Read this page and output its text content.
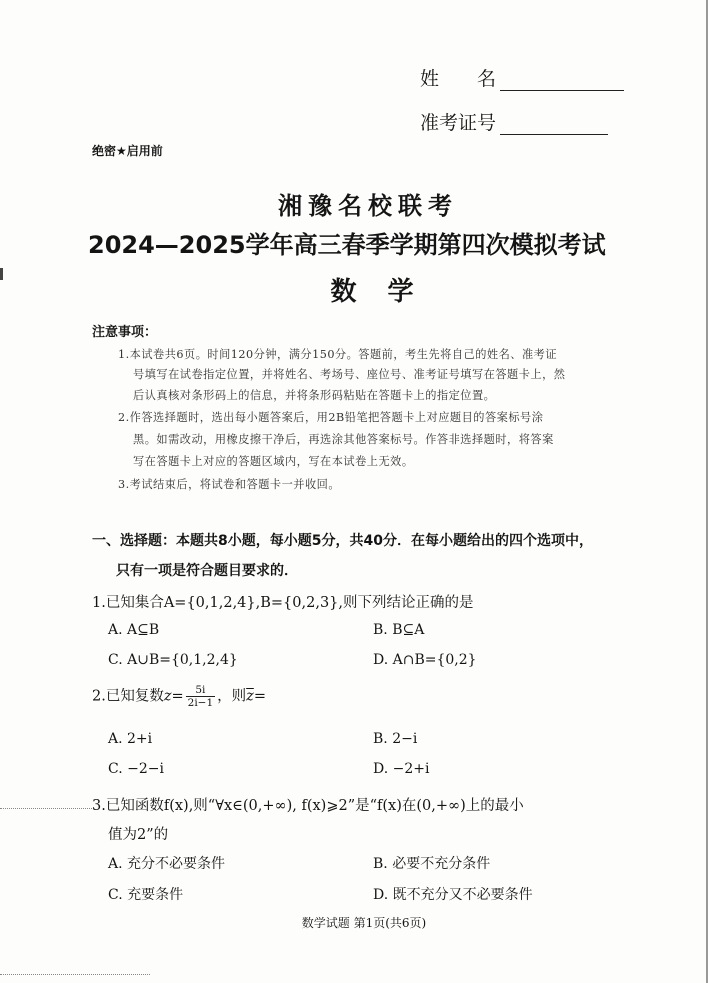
姓　　名
准考证号
绝密★启用前
湘豫名校联考
2024—2025学年高三春季学期第四次模拟考试
数 学
注意事项：
1.本试卷共6页。时间120分钟，满分150分。答题前，考生先将自己的姓名、准考证
号填写在试卷指定位置，并将姓名、考场号、座位号、准考证号填写在答题卡上，然
后认真核对条形码上的信息，并将条形码粘贴在答题卡上的指定位置。
2.作答选择题时，选出每小题答案后，用2B铅笔把答题卡上对应题目的答案标号涂
黑。如需改动，用橡皮擦干净后，再选涂其他答案标号。作答非选择题时，将答案
写在答题卡上对应的答题区域内，写在本试卷上无效。
3.考试结束后，将试卷和答题卡一并收回。
一、选择题：本题共8小题，每小题5分，共40分．在每小题给出的四个选项中，
只有一项是符合题目要求的．
1.已知集合A={0,1,2,4},B={0,2,3},则下列结论正确的是
A. A⊆B	B. B⊆A
C. A∪B={0,1,2,4}	D. A∩B={0,2}
2.已知复数$z= \frac{5i}{2i-1}$ ，则$\overline{z}=$
A. 2+i	B. 2−i
C. −2−i	D. −2+i
3.已知函数f(x),则“∀x∈(0,+∞), f(x)⩾2”是“f(x)在(0,+∞)上的最小
值为2”的
A. 充分不必要条件	B. 必要不充分条件
C. 充要条件	D. 既不充分又不必要条件
数学试题 第1页(共6页)
